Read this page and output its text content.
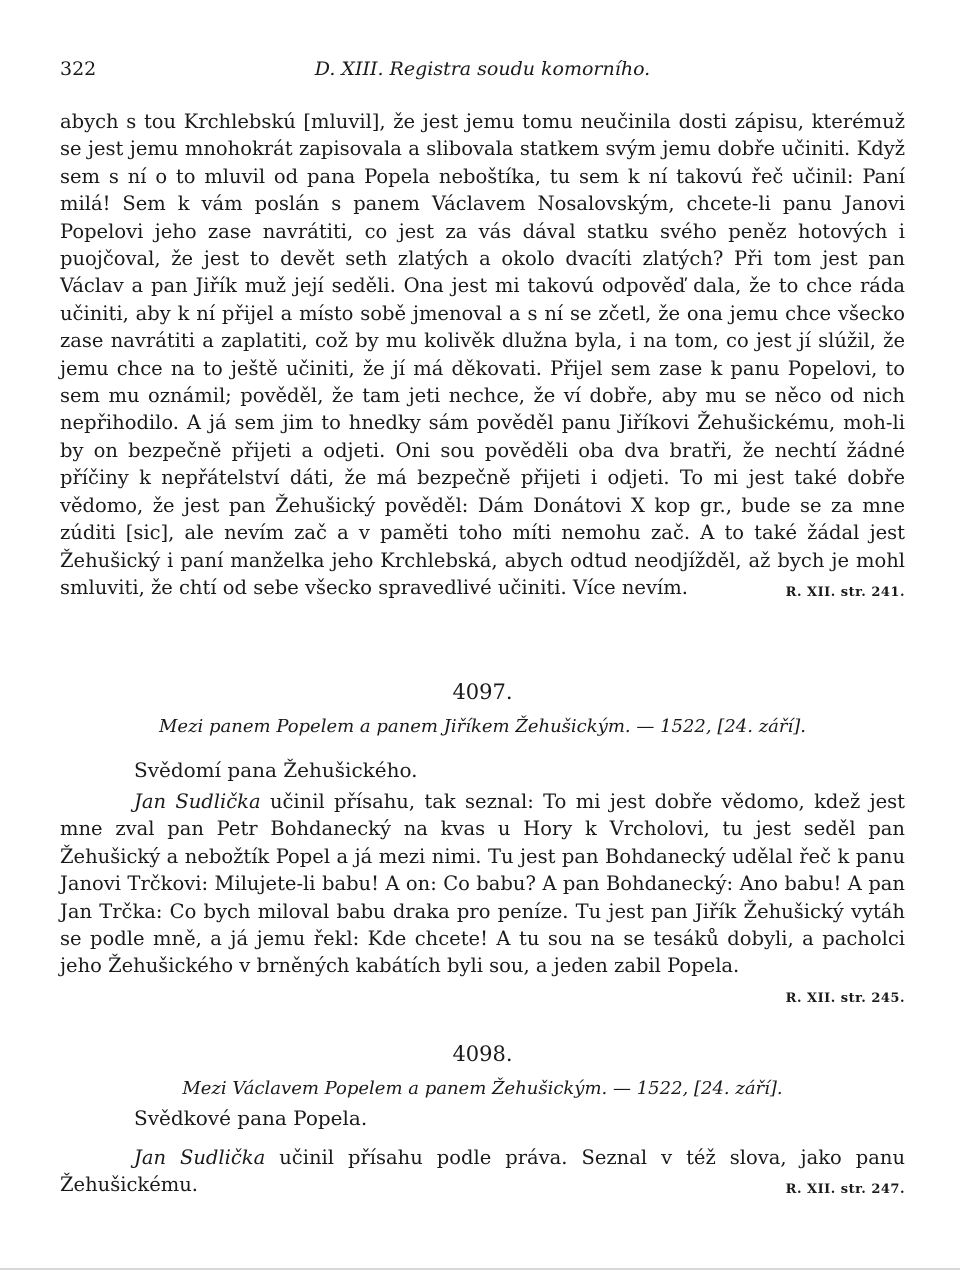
322	D. XIII. Registra soudu komorního.

abych s tou Krchlebskú [mluvil], že jest jemu tomu neučinila dosti zápisu, kterémuž se jest jemu mnohokrát zapisovala a slibovala statkem svým jemu dobře učiniti. Když sem s ní o to mluvil od pana Popela neboštíka, tu sem k ní takovú řeč učinil: Paní milá! Sem k vám poslán s panem Václavem Nosalovským, chcete-li panu Janovi Popelovi jeho zase navrátiti, co jest za vás dával statku svého peněz hotových i puojčoval, že jest to devět seth zlatých a okolo dvacíti zlatých? Při tom jest pan Václav a pan Jiřík muž její seděli. Ona jest mi takovú odpověď dala, že to chce ráda učiniti, aby k ní přijel a místo sobě jmenoval a s ní se zčetl, že ona jemu chce všecko zase navrátiti a zaplatiti, což by mu kolivěk dlužna byla, i na tom, co jest jí slúžil, že jemu chce na to ještě učiniti, že jí má děkovati. Přijel sem zase k panu Popelovi, to sem mu oznámil; pověděl, že tam jeti nechce, že ví dobře, aby mu se něco od nich nepřihodilo. A já sem jim to hnedky sám pověděl panu Jiříkovi Žehušickému, moh-li by on bezpečně přijeti a odjeti. Oni sou pověděli oba dva bratři, že nechtí žádné příčiny k nepřátelství dáti, že má bezpečně přijeti i odjeti. To mi jest také dobře vědomo, že jest pan Žehušický pověděl: Dám Donátovi X kop gr., bude se za mne zúditi [sic], ale nevím zač a v paměti toho míti nemohu zač. A to také žádal jest Žehušický i paní manželka jeho Krchlebská, abych odtud neodjížděl, až bych je mohl smluviti, že chtí od sebe všecko spravedlivé učiniti. Více nevím.	R. XII. str. 241.

4097.
Mezi panem Popelem a panem Jiříkem Žehušickým. — 1522, [24. září].
Svědomí pana Žehušického.

Jan Sudlička učinil přísahu, tak seznal: To mi jest dobře vědomo, kdež jest mne zval pan Petr Bohdanecký na kvas u Hory k Vrcholovi, tu jest seděl pan Žehušický a nebožtík Popel a já mezi nimi. Tu jest pan Bohdanecký udělal řeč k panu Janovi Trčkovi: Milujete-li babu! A on: Co babu? A pan Bohdanecký: Ano babu! A pan Jan Trčka: Co bych miloval babu draka pro peníze. Tu jest pan Jiřík Žehušický vytáh se podle mně, a já jemu řekl: Kde chcete! A tu sou na se tesáků dobyli, a pacholci jeho Žehušického v brněných kabátích byli sou, a jeden zabil Popela.
R. XII. str. 245.

4098.
Mezi Václavem Popelem a panem Žehušickým. — 1522, [24. září].
Svědkové pana Popela.

Jan Sudlička učinil přísahu podle práva. Seznal v též slova, jako panu Žehušickému.	R. XII. str. 247.
